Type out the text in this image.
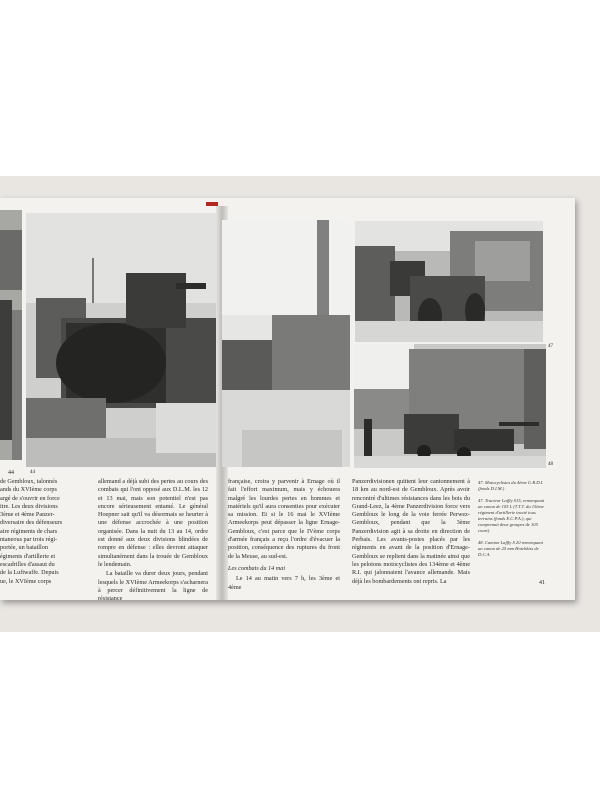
44
47
48
de Gembloux, talonnés
ands du XVIème corps
argé de s'ouvrir en force
itre. Les deux divisions
3ème et 4ème Panzer-
diversaire des défenseurs
aire régiments de chars
ntaneous par trois régi-
portée, un bataillon
égiments d'artillerie et
escadrilles d'assaut du
de la Luftwaffe. Depuis
ue, le XVIème corps

allemand a déjà subi des pertes au cours des combats qui l'ont opposé aux D.L.M. les 12 et 13 mai, mais son potentiel n'est pas encore sérieusement entamé. Le général Hoepner sait qu'il va désormais se heurter à une défense accrochée à une position organisée. Dans la nuit du 13 au 14, ordre est donné aux deux divisions blindées de rompre en défense : elles devront attaquer simultanément dans la trouée de Gembloux le lendemain.

La bataille va durer deux jours, pendant lesquels le XVIème Armeekorps s'acharnera à percer définitivement la ligne de résistance

française, croira y parvenir à Ernage où il fait l'effort maximum, mais y échouera malgré les lourdes pertes en hommes et matériels qu'il aura consenties pour exécuter sa mission. Et si le 16 mai le XVIème Armeekorps peut dépasser la ligne Ernage-Gembloux, c'est parce que le IVème corps d'armée français a reçu l'ordre d'évacuer la position, conséquence des ruptures du front de la Meuse, au sud-est.

Les combats du 14 mai

Le 14 au matin vers 7 h, les 3ème et 4ème

Panzerdivisionen quittent leur cantonnement à 18 km au nord-est de Gembloux. Après avoir rencontré d'ultimes résistances dans les bois du Grand-Leez, la 4ème Panzerdivision force vers Gembloux le long de la voie ferrée Perwez-Gembloux, pendant que la 3ème Panzerdivision agit à sa droite en direction de Perbais. Les avants-postes placés par les régiments en avant de la position d'Ernage-Gembloux se replient dans la matinée ainsi que les pelotons motocyclistes des 134ème et 4ème R.I. qui jalonnaient l'avance allemande. Mais déjà les bombardements ont repris. La

47. Motocyclistes du 4ème G.R.D.I. (fonds D.I.M.)

47. Tracteur Laffly S15, remorquant un canon de 105 L (T.T.T. du 15ème régiment d'artillerie tracté tous terrains (fonds E.C.P.A.), qui comprenait deux groupes de 105 court).

48. Camion Laffly S 20 remorquant un canon de 25 mm Hotchkiss de D.C.A.

44
41
